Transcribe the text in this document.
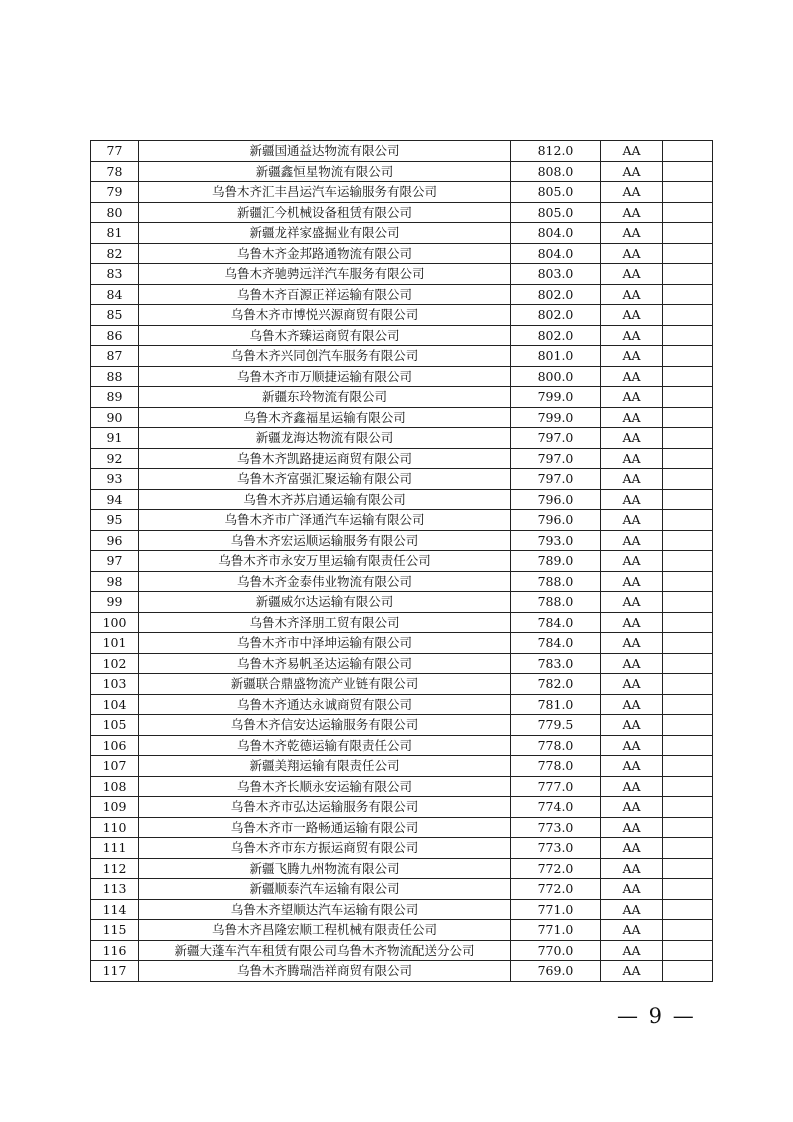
77	新疆国通益达物流有限公司	812.0	AA	
78	新疆鑫恒星物流有限公司	808.0	AA	
79	乌鲁木齐汇丰昌运汽车运输服务有限公司	805.0	AA	
80	新疆汇今机械设备租赁有限公司	805.0	AA	
81	新疆龙祥家盛掘业有限公司	804.0	AA	
82	乌鲁木齐金邦路通物流有限公司	804.0	AA	
83	乌鲁木齐驰骋远洋汽车服务有限公司	803.0	AA	
84	乌鲁木齐百源正祥运输有限公司	802.0	AA	
85	乌鲁木齐市博悦兴源商贸有限公司	802.0	AA	
86	乌鲁木齐臻运商贸有限公司	802.0	AA	
87	乌鲁木齐兴同创汽车服务有限公司	801.0	AA	
88	乌鲁木齐市万顺捷运输有限公司	800.0	AA	
89	新疆东玲物流有限公司	799.0	AA	
90	乌鲁木齐鑫福星运输有限公司	799.0	AA	
91	新疆龙海达物流有限公司	797.0	AA	
92	乌鲁木齐凯路捷运商贸有限公司	797.0	AA	
93	乌鲁木齐富强汇聚运输有限公司	797.0	AA	
94	乌鲁木齐苏启通运输有限公司	796.0	AA	
95	乌鲁木齐市广泽通汽车运输有限公司	796.0	AA	
96	乌鲁木齐宏运顺运输服务有限公司	793.0	AA	
97	乌鲁木齐市永安万里运输有限责任公司	789.0	AA	
98	乌鲁木齐金泰伟业物流有限公司	788.0	AA	
99	新疆威尔达运输有限公司	788.0	AA	
100	乌鲁木齐泽朋工贸有限公司	784.0	AA	
101	乌鲁木齐市中泽坤运输有限公司	784.0	AA	
102	乌鲁木齐易帆圣达运输有限公司	783.0	AA	
103	新疆联合鼎盛物流产业链有限公司	782.0	AA	
104	乌鲁木齐通达永诚商贸有限公司	781.0	AA	
105	乌鲁木齐信安达运输服务有限公司	779.5	AA	
106	乌鲁木齐乾德运输有限责任公司	778.0	AA	
107	新疆美翔运输有限责任公司	778.0	AA	
108	乌鲁木齐长顺永安运输有限公司	777.0	AA	
109	乌鲁木齐市弘达运输服务有限公司	774.0	AA	
110	乌鲁木齐市一路畅通运输有限公司	773.0	AA	
111	乌鲁木齐市东方振运商贸有限公司	773.0	AA	
112	新疆飞腾九州物流有限公司	772.0	AA	
113	新疆顺泰汽车运输有限公司	772.0	AA	
114	乌鲁木齐望顺达汽车运输有限公司	771.0	AA	
115	乌鲁木齐昌隆宏顺工程机械有限责任公司	771.0	AA	
116	新疆大蓬车汽车租赁有限公司乌鲁木齐物流配送分公司	770.0	AA	
117	乌鲁木齐腾瑞浩祥商贸有限公司	769.0	AA	
— 9 —
